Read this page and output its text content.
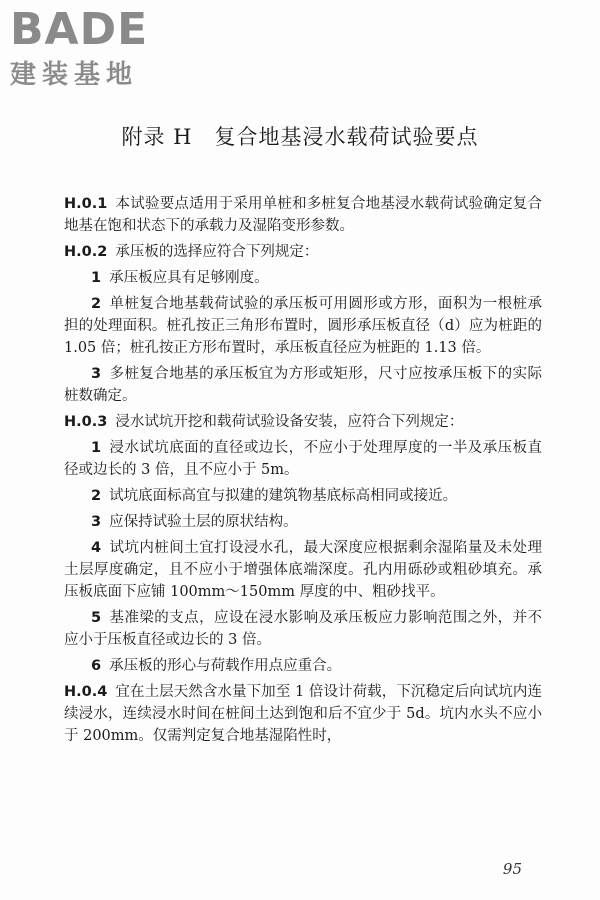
BADE
建装基地
附录 H　复合地基浸水载荷试验要点

H.0.1 本试验要点适用于采用单桩和多桩复合地基浸水载荷试验确定复合地基在饱和状态下的承载力及湿陷变形参数。

H.0.2 承压板的选择应符合下列规定：

1 承压板应具有足够刚度。

2 单桩复合地基载荷试验的承压板可用圆形或方形，面积为一根桩承担的处理面积。桩孔按正三角形布置时，圆形承压板直径（d）应为桩距的 1.05 倍；桩孔按正方形布置时，承压板直径应为桩距的 1.13 倍。

3 多桩复合地基的承压板宜为方形或矩形，尺寸应按承压板下的实际桩数确定。

H.0.3 浸水试坑开挖和载荷试验设备安装，应符合下列规定：

1 浸水试坑底面的直径或边长，不应小于处理厚度的一半及承压板直径或边长的 3 倍，且不应小于 5m。

2 试坑底面标高宜与拟建的建筑物基底标高相同或接近。

3 应保持试验土层的原状结构。

4 试坑内桩间土宜打设浸水孔，最大深度应根据剩余湿陷量及未处理土层厚度确定，且不应小于增强体底端深度。孔内用砾砂或粗砂填充。承压板底面下应铺 100mm～150mm 厚度的中、粗砂找平。

5 基准梁的支点，应设在浸水影响及承压板应力影响范围之外，并不应小于压板直径或边长的 3 倍。

6 承压板的形心与荷载作用点应重合。

H.0.4 宜在土层天然含水量下加至 1 倍设计荷载，下沉稳定后向试坑内连续浸水，连续浸水时间在桩间土达到饱和后不宜少于 5d。坑内水头不应小于 200mm。仅需判定复合地基湿陷性时，

95
